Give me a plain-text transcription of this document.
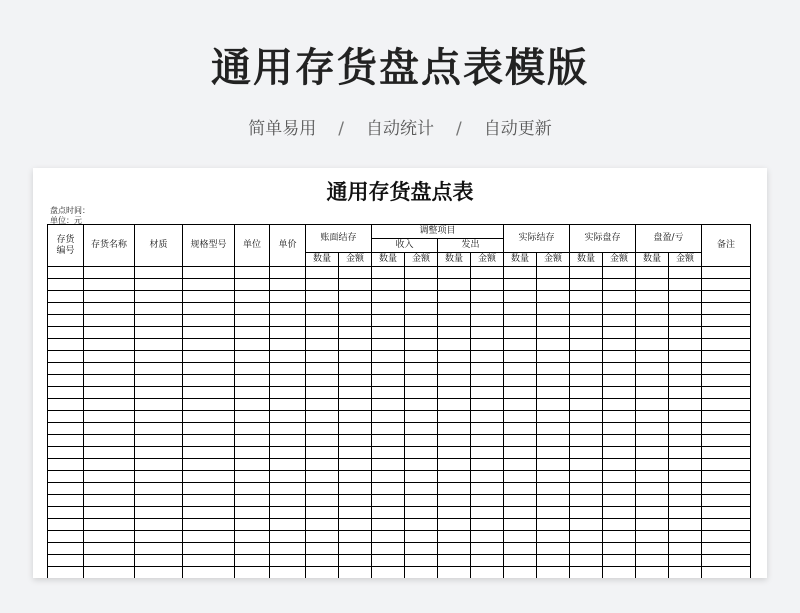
通用存货盘点表模版
简单易用 / 自动统计 / 自动更新
通用存货盘点表
盘点时间：
单位：元
存货
编号	存货名称	材质	规格型号	单位	单价	账面结存		调整项目				实际结存		实际盘存		盘盈/亏		备注
								收入		发出								
						数量	金额	数量	金额	数量	金额	数量	金额	数量	金额	数量	金额	
